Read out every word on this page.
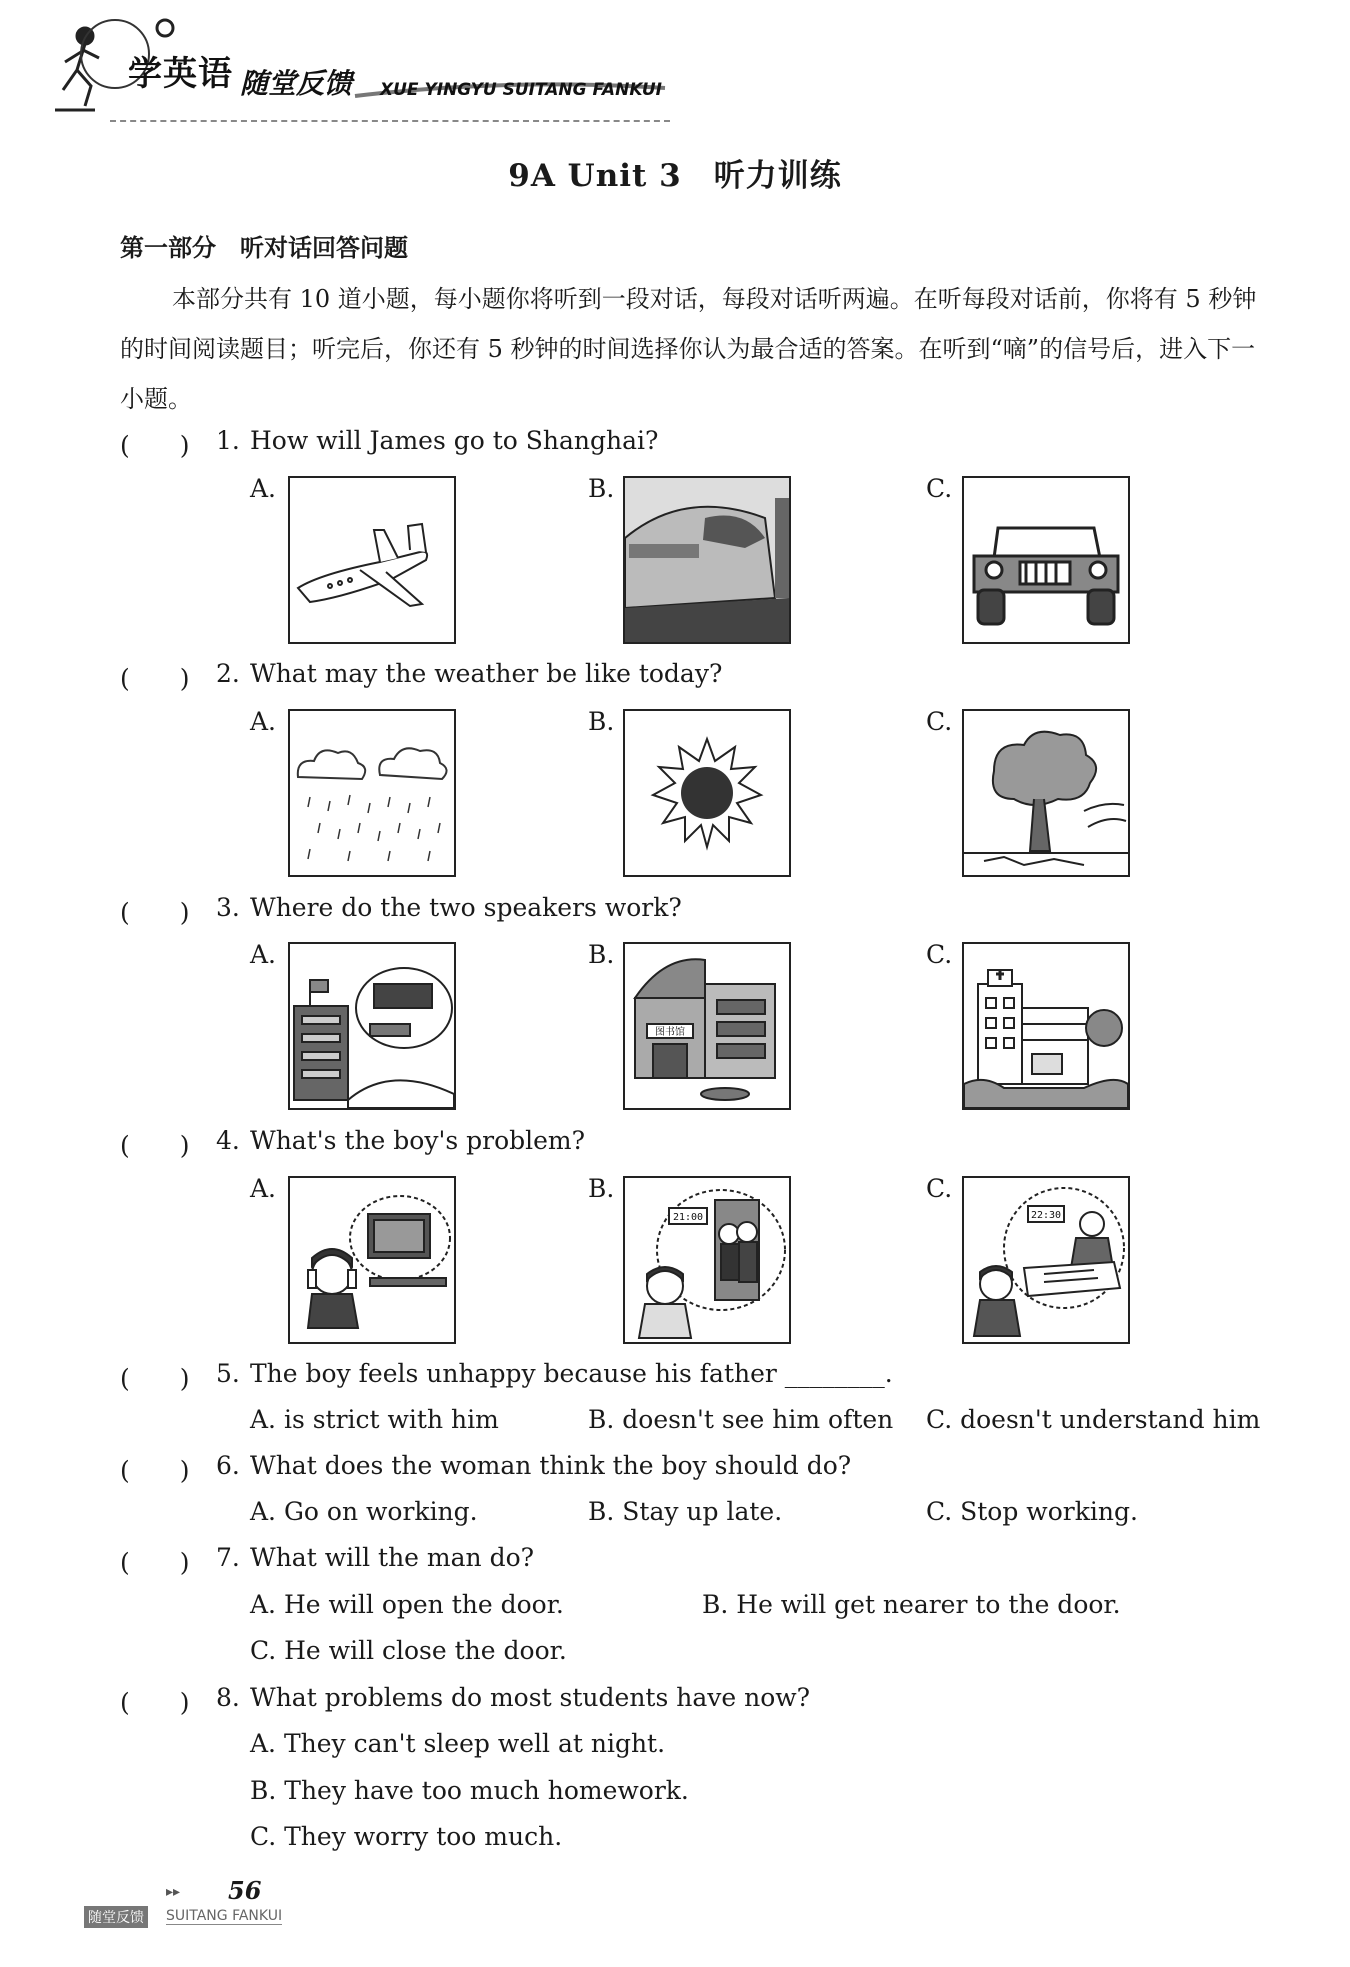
学英语 随堂反馈 XUE YINGYU SUITANG FANKUI
9A Unit 3　听力训练
第一部分　听对话回答问题
本部分共有 10 道小题，每小题你将听到一段对话，每段对话听两遍。在听每段对话前，你将有 5 秒钟的时间阅读题目；听完后，你还有 5 秒钟的时间选择你认为最合适的答案。在听到“嘀”的信号后，进入下一小题。
(　　) 1. How will James go to Shanghai?
A.	B.	C.
(　　) 2. What may the weather be like today?
A.	B.	C.
(　　) 3. Where do the two speakers work?
A.	B.	C.
图书馆
(　　) 4. What's the boy's problem?
A.	B.	C.
21:00	22:30
(　　) 5. The boy feels unhappy because his father ________.
A. is strict with him	B. doesn't see him often C. doesn't understand him
(　　) 6. What does the woman think the boy should do?
A. Go on working.	B. Stay up late.	C. Stop working.
(　　) 7. What will the man do?
A. He will open the door.	B. He will get nearer to the door.
C. He will close the door.
(　　) 8. What problems do most students have now?
A. They can't sleep well at night.
B. They have too much homework.
C. They worry too much.
▸▸ 56
随堂反馈 SUITANG FANKUI
